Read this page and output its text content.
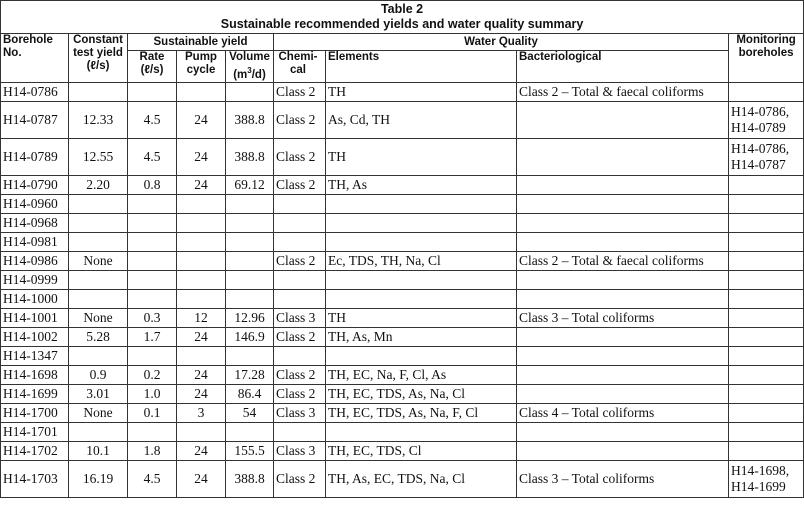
Table 2
Sustainable recommended yields and water quality summary								

Borehole No.	Constant test yield (ℓ/s)	Sustainable yield			Water Quality			Monitoring boreholes

		Rate (ℓ/s)	Pump cycle	Volume $(m^3/d)$	Chemi-cal	Elements	Bacteriological	
H14-0786					Class 2	TH	Class 2 – Total & faecal coliforms	
H14-0787	12.33	4.5	24	388.8	Class 2	As, Cd, TH		H14-0786, H14-0789
H14-0789	12.55	4.5	24	388.8	Class 2	TH		H14-0786, H14-0787
H14-0790	2.20	0.8	24	69.12	Class 2	TH, As		
H14-0960								
H14-0968								
H14-0981								
H14-0986	None				Class 2	Ec, TDS, TH, Na, Cl	Class 2 – Total & faecal coliforms	
H14-0999								
H14-1000								
H14-1001	None	0.3	12	12.96	Class 3	TH	Class 3 – Total coliforms	
H14-1002	5.28	1.7	24	146.9	Class 2	TH, As, Mn		
H14-1347								
H14-1698	0.9	0.2	24	17.28	Class 2	TH, EC, Na, F, Cl, As		
H14-1699	3.01	1.0	24	86.4	Class 2	TH, EC, TDS, As, Na, Cl		
H14-1700	None	0.1	3	54	Class 3	TH, EC, TDS, As, Na, F, Cl	Class 4 – Total coliforms	
H14-1701								
H14-1702	10.1	1.8	24	155.5	Class 3	TH, EC, TDS, Cl		
H14-1703	16.19	4.5	24	388.8	Class 2	TH, As, EC, TDS, Na, Cl	Class 3 – Total coliforms	H14-1698, H14-1699
